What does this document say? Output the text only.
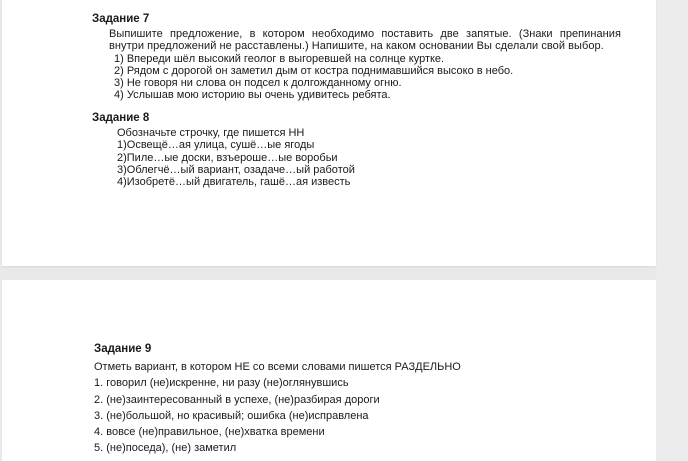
Задание 7
Выпишите предложение, в котором необходимо поставить две запятые. (Знаки препинания внутри предложений не расставлены.) Напишите, на каком основании Вы сделали свой выбор.
1) Впереди шёл высокий геолог в выгоревшей на солнце куртке.
2) Рядом с дорогой он заметил дым от костра поднимавшийся высоко в небо.
3) Не говоря ни слова он подсел к долгожданному огню.
4) Услышав мою историю вы очень удивитесь ребята.
Задание 8
Обозначьте строчку, где пишется НН
1)Освещё…ая улица, сушё…ые ягоды
2)Пиле…ые доски, взъероше…ые воробьи
3)Облегчё…ый вариант, озадаче…ый работой
4)Изобретё…ый двигатель, гашё…ая известь
Задание 9
Отметь вариант, в котором НЕ со всеми словами пишется РАЗДЕЛЬНО
1. говорил (не)искренне, ни разу (не)оглянувшись
2. (не)заинтересованный в успехе, (не)разбирая дороги
3. (не)большой, но красивый; ошибка (не)исправлена
4. вовсе (не)правильное, (не)хватка времени
5. (не)поседа), (не) заметил
